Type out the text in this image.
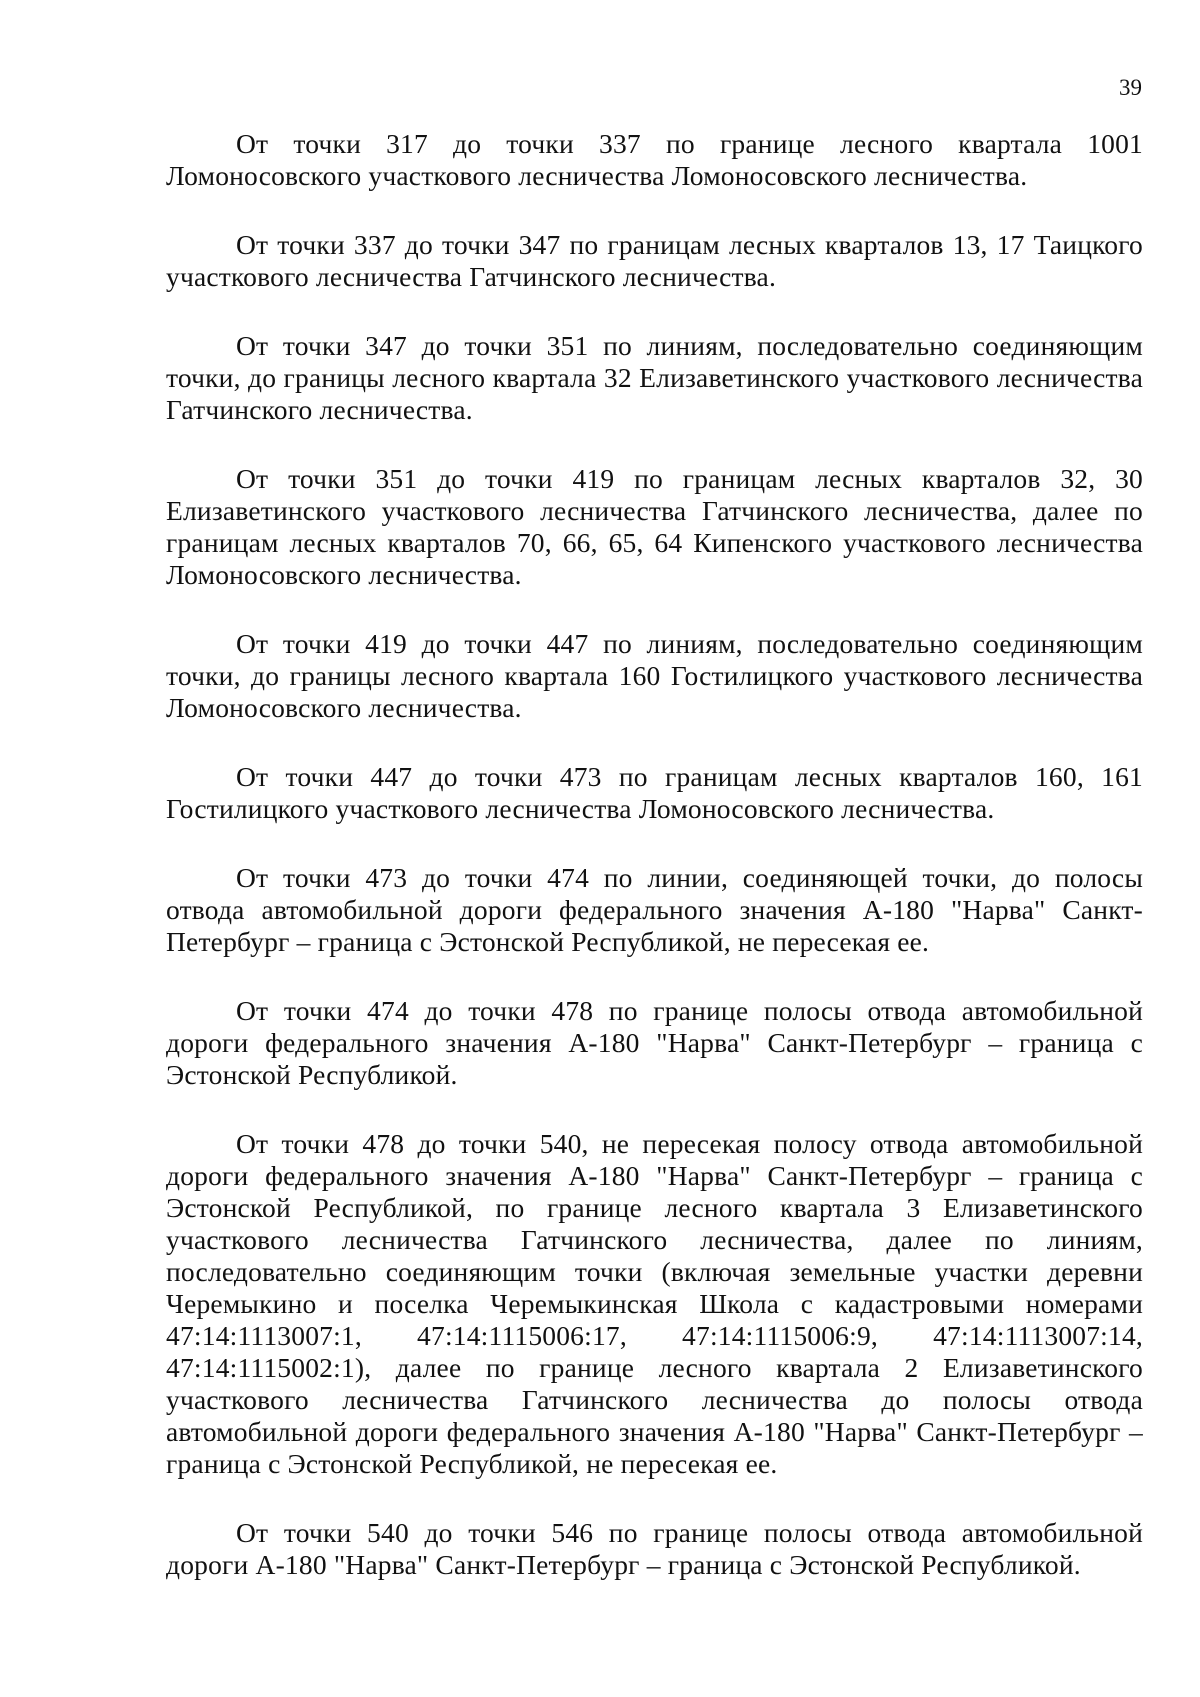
39

От точки 317 до точки 337 по границе лесного квартала 1001 Ломоносовского участкового лесничества Ломоносовского лесничества.

От точки 337 до точки 347 по границам лесных кварталов 13, 17 Таицкого участкового лесничества Гатчинского лесничества.

От точки 347 до точки 351 по линиям, последовательно соединяющим точки, до границы лесного квартала 32 Елизаветинского участкового лесничества Гатчинского лесничества.

От точки 351 до точки 419 по границам лесных кварталов 32, 30 Елизаветинского участкового лесничества Гатчинского лесничества, далее по границам лесных кварталов 70, 66, 65, 64 Кипенского участкового лесничества Ломоносовского лесничества.

От точки 419 до точки 447 по линиям, последовательно соединяющим точки, до границы лесного квартала 160 Гостилицкого участкового лесничества Ломоносовского лесничества.

От точки 447 до точки 473 по границам лесных кварталов 160, 161 Гостилицкого участкового лесничества Ломоносовского лесничества.

От точки 473 до точки 474 по линии, соединяющей точки, до полосы отвода автомобильной дороги федерального значения А-180 "Нарва" Санкт-Петербург – граница с Эстонской Республикой, не пересекая ее.

От точки 474 до точки 478 по границе полосы отвода автомобильной дороги федерального значения А-180 "Нарва" Санкт-Петербург – граница с Эстонской Республикой.

От точки 478 до точки 540, не пересекая полосу отвода автомобильной дороги федерального значения А-180 "Нарва" Санкт-Петербург – граница с Эстонской Республикой, по границе лесного квартала 3 Елизаветинского участкового лесничества Гатчинского лесничества, далее по линиям, последовательно соединяющим точки (включая земельные участки деревни Черемыкино и поселка Черемыкинская Школа с кадастровыми номерами 47:14:1113007:1, 47:14:1115006:17, 47:14:1115006:9, 47:14:1113007:14, 47:14:1115002:1), далее по границе лесного квартала 2 Елизаветинского участкового лесничества Гатчинского лесничества до полосы отвода автомобильной дороги федерального значения А-180 "Нарва" Санкт-Петербург – граница с Эстонской Республикой, не пересекая ее.

От точки 540 до точки 546 по границе полосы отвода автомобильной дороги А-180 "Нарва" Санкт-Петербург – граница с Эстонской Республикой.
